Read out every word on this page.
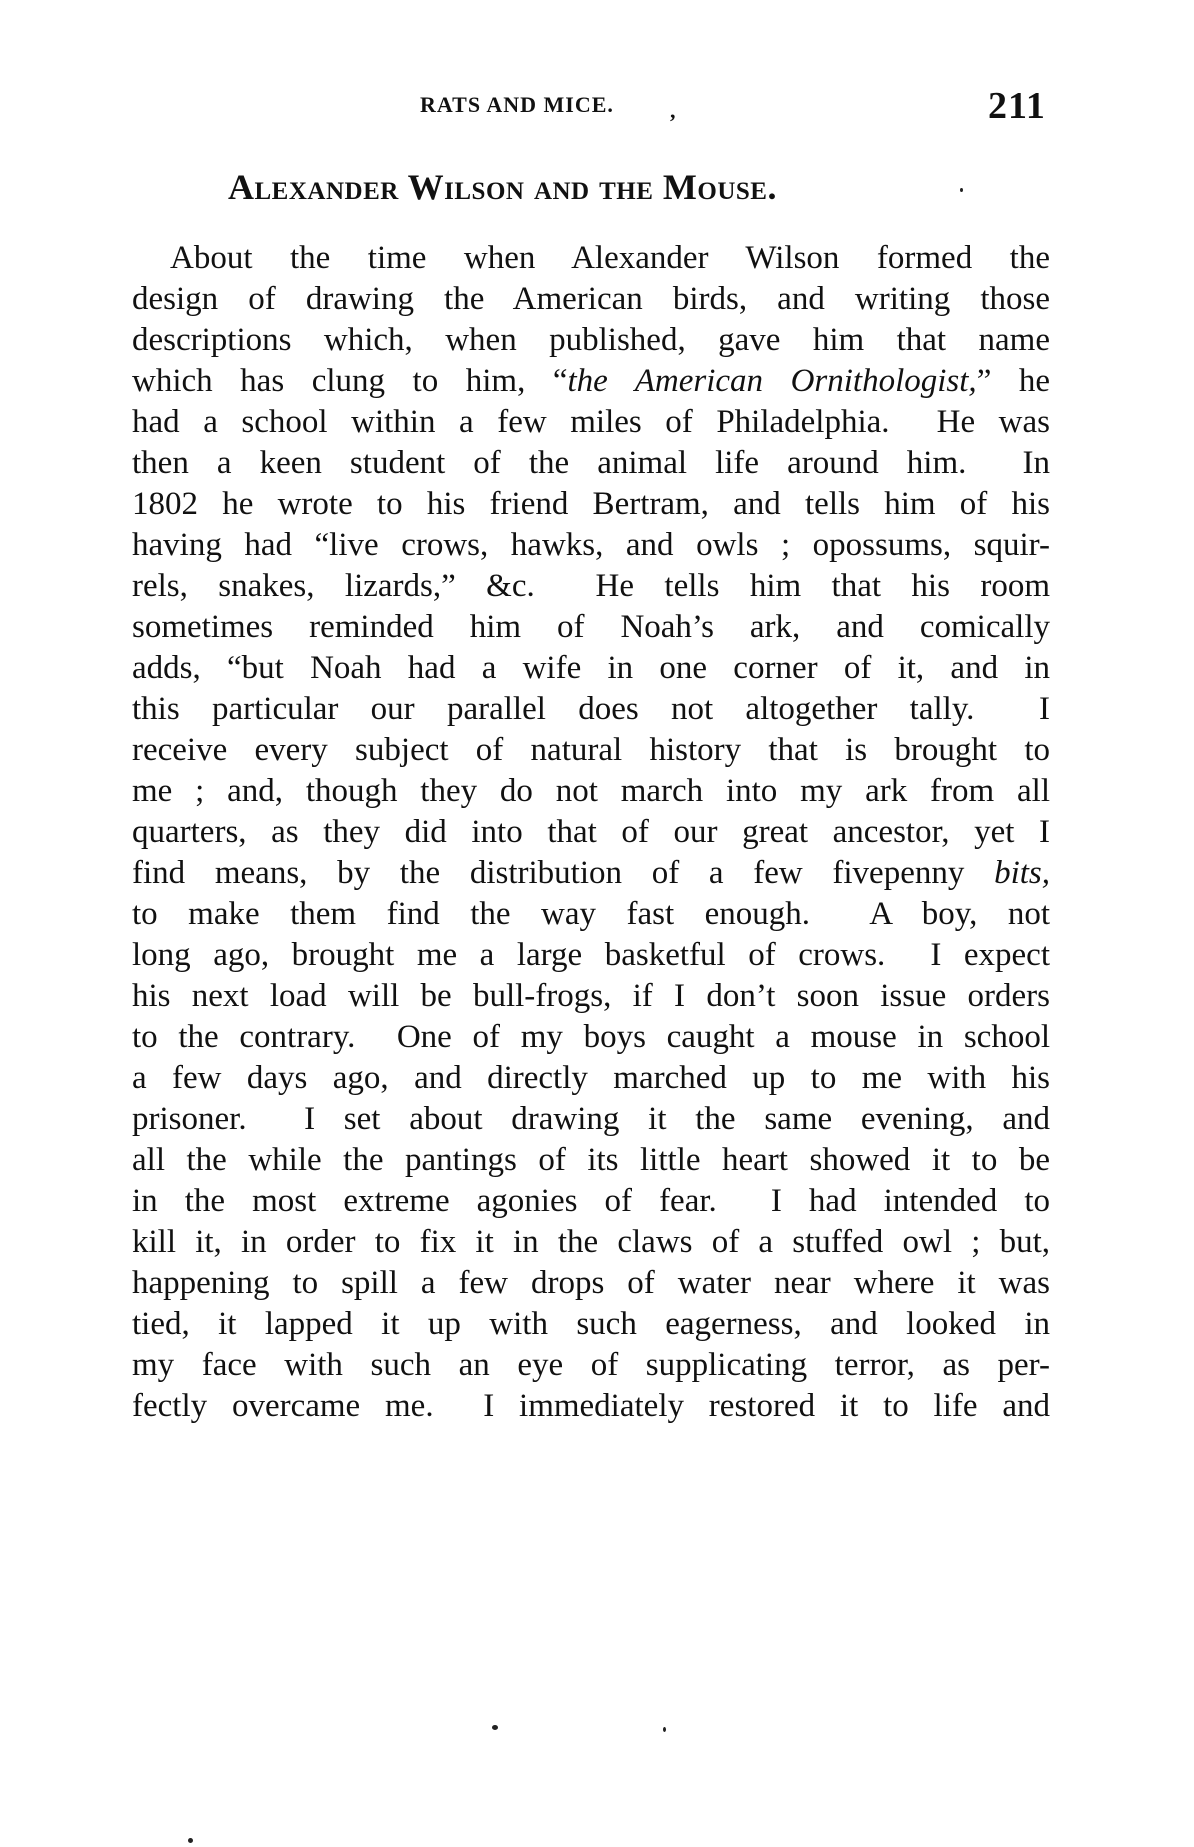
RATS AND MICE.	,	211
Alexander Wilson and the Mouse.
About the time when Alexander Wilson formed the
design of drawing the American birds, and writing those
descriptions which, when published, gave him that name
which has clung to him, “the American Ornithologist,” he
had a school within a few miles of Philadelphia.  He was
then a keen student of the animal life around him.  In
1802 he wrote to his friend Bertram, and tells him of his
having had “live crows, hawks, and owls ; opossums, squir-
rels, snakes, lizards,” &c.  He tells him that his room
sometimes reminded him of Noah’s ark, and comically
adds, “but Noah had a wife in one corner of it, and in
this particular our parallel does not altogether tally.  I
receive every subject of natural history that is brought to
me ; and, though they do not march into my ark from all
quarters, as they did into that of our great ancestor, yet I
find means, by the distribution of a few fivepenny bits,
to make them find the way fast enough.  A boy, not
long ago, brought me a large basketful of crows.  I expect
his next load will be bull-frogs, if I don’t soon issue orders
to the contrary.  One of my boys caught a mouse in school
a few days ago, and directly marched up to me with his
prisoner.  I set about drawing it the same evening, and
all the while the pantings of its little heart showed it to be
in the most extreme agonies of fear.  I had intended to
kill it, in order to fix it in the claws of a stuffed owl ; but,
happening to spill a few drops of water near where it was
tied, it lapped it up with such eagerness, and looked in
my face with such an eye of supplicating terror, as per-
fectly overcame me.  I immediately restored it to life and
